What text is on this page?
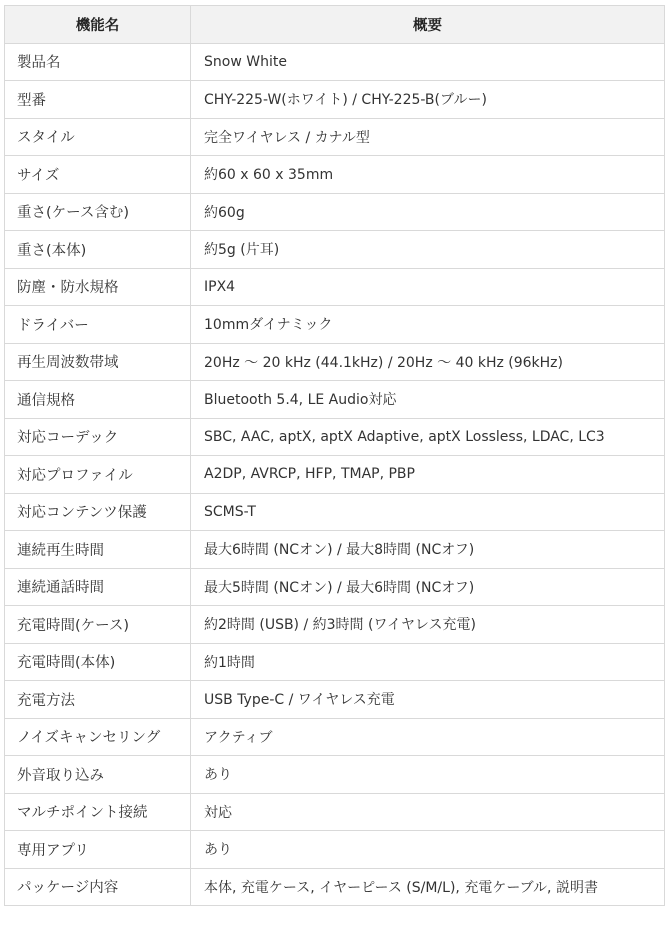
機能名	概要
製品名	Snow White
型番	CHY-225-W(ホワイト) / CHY-225-B(ブルー)
スタイル	完全ワイヤレス / カナル型
サイズ	約60 x 60 x 35mm
重さ(ケース含む)	約60g
重さ(本体)	約5g (片耳)
防塵・防水規格	IPX4
ドライバー	10mmダイナミック
再生周波数帯域	20Hz 〜 20 kHz (44.1kHz) / 20Hz 〜 40 kHz (96kHz)
通信規格	Bluetooth 5.4, LE Audio対応
対応コーデック	SBC, AAC, aptX, aptX Adaptive, aptX Lossless, LDAC, LC3
対応プロファイル	A2DP, AVRCP, HFP, TMAP, PBP
対応コンテンツ保護	SCMS-T
連続再生時間	最大6時間 (NCオン) / 最大8時間 (NCオフ)
連続通話時間	最大5時間 (NCオン) / 最大6時間 (NCオフ)
充電時間(ケース)	約2時間 (USB) / 約3時間 (ワイヤレス充電)
充電時間(本体)	約1時間
充電方法	USB Type-C / ワイヤレス充電
ノイズキャンセリング	アクティブ
外音取り込み	あり
マルチポイント接続	対応
専用アプリ	あり
パッケージ内容	本体, 充電ケース, イヤーピース (S/M/L), 充電ケーブル, 説明書
